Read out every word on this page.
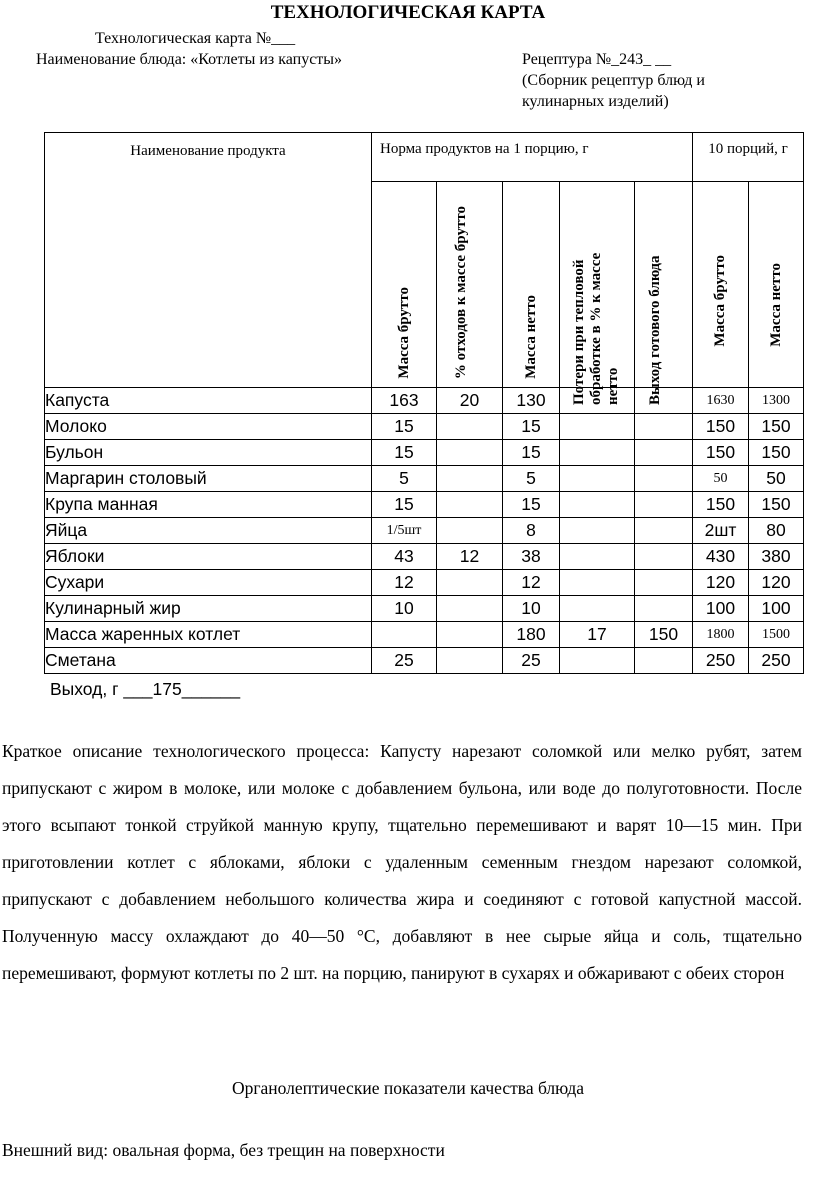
ТЕХНОЛОГИЧЕСКАЯ КАРТА
Технологическая карта №___
Наименование блюда: «Котлеты из капусты»	Рецептура №_243_ __
(Сборник рецептур блюд и
кулинарных изделий)
Наименование продукта	Норма продуктов на 1 порцию, г					10 порций, г	

	Масса брутто	% отходов к массе брутто	Масса нетто	Потери при тепловой обработке в % к массе нетто	Выход готового блюда	Масса брутто	Масса нетто

Капуста	163	20	130			1630	1300
Молоко	15		15			150	150
Бульон	15		15			150	150
Маргарин столовый	5		5			50	50
Крупа манная	15		15			150	150
Яйца	1/5шт		8			2шт	80
Яблоки	43	12	38			430	380
Сухари	12		12			120	120
Кулинарный жир	10		10			100	100
Масса жаренных котлет			180	17	150	1800	1500
Сметана	25		25			250	250
Выход, г ___175______
Краткое описание технологического процесса: Капусту нарезают соломкой или мелко рубят, затем припускают с жиром в молоке, или молоке с добавлением бульона, или воде до полуготовности. После этого всыпают тонкой струйкой манную крупу, тщательно перемешивают и варят 10—15 мин. При приготовлении котлет с яблоками, яблоки с удаленным семенным гнездом нарезают соломкой, припускают с добавлением небольшого количества жира и соединяют с готовой капустной массой. Полученную массу охлаждают до 40—50 °С, добавляют в нее сырые яйца и соль, тщательно перемешивают, формуют котлеты по 2 шт. на порцию, панируют в сухарях и обжаривают с обеих сторон
Органолептические показатели качества блюда
Внешний вид: овальная форма, без трещин на поверхности
